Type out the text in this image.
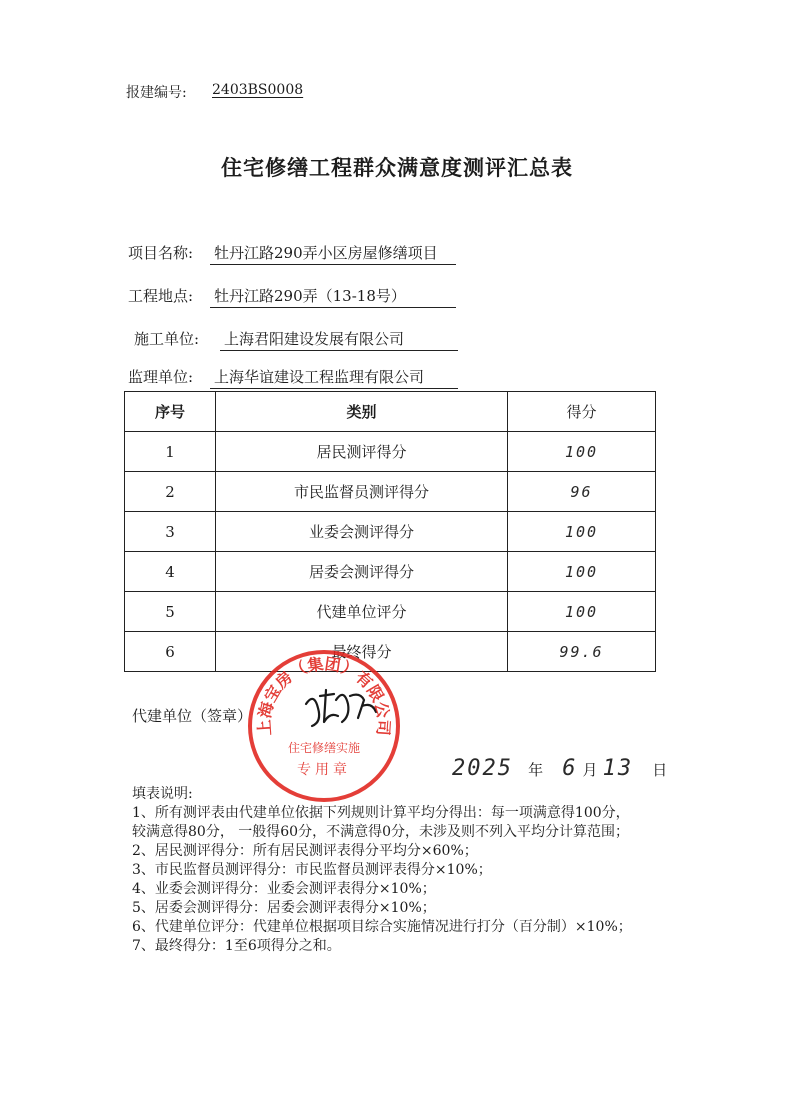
报建编号: 2403BS0008
住宅修缮工程群众满意度测评汇总表
项目名称: 牡丹江路290弄小区房屋修缮项目
工程地点: 牡丹江路290弄（13-18号）
施工单位: 上海君阳建设发展有限公司
监理单位: 上海华谊建设工程监理有限公司
序号	类别	得分
1	居民测评得分	100
2	市民监督员测评得分	96
3	业委会测评得分	100
4	居委会测评得分	100
5	代建单位评分	100
6	最终得分	99.6
代建单位（签章）
上海宝房（集团）有限公司
住宅修缮实施
专用章	2025 年 6 月 13 日
填表说明:
1、所有测评表由代建单位依据下列规则计算平均分得出：每一项满意得100分，
较满意得80分， 一般得60分，不满意得0分，未涉及则不列入平均分计算范围；
2、居民测评得分：所有居民测评表得分平均分×60%；
3、市民监督员测评得分：市民监督员测评表得分×10%；
4、业委会测评得分：业委会测评表得分×10%；
5、居委会测评得分：居委会测评表得分×10%；
6、代建单位评分：代建单位根据项目综合实施情况进行打分（百分制）×10%；
7、最终得分：1至6项得分之和。
